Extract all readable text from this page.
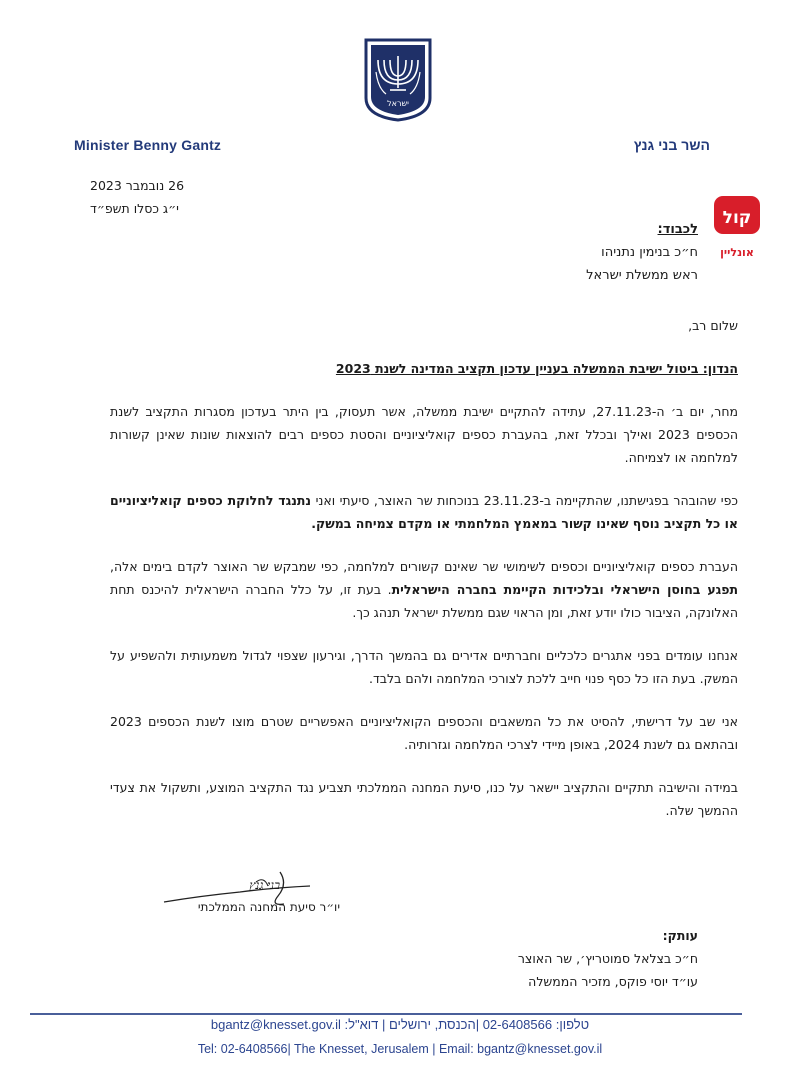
ישראל
Minister Benny Gantz	השר בני גנץ
26 נובמבר 2023
י״ג כסלו תשפ״ד	קול
אונליין
לכבוד:
ח״כ בנימין נתניהו
ראש ממשלת ישראל

שלום רב,

הנדון: ביטול ישיבת הממשלה בעניין עדכון תקציב המדינה לשנת 2023

מחר, יום ב׳ ה-27.11.23, עתידה להתקיים ישיבת ממשלה, אשר תעסוק, בין היתר בעדכון מסגרות התקציב לשנת הכספים 2023 ואילך ובכלל זאת, בהעברת כספים קואליציוניים והסטת כספים רבים להוצאות שונות שאינן קשורות למלחמה או לצמיחה.

כפי שהובהר בפגישתנו, שהתקיימה ב-23.11.23 בנוכחות שר האוצר, סיעתי ואני נתנגד לחלוקת כספים קואליציוניים או כל תקציב נוסף שאינו קשור במאמץ המלחמתי או מקדם צמיחה במשק.

העברת כספים קואליציוניים וכספים לשימושי שר שאינם קשורים למלחמה, כפי שמבקש שר האוצר לקדם בימים אלה, תפגע בחוסן הישראלי ובלכידות הקיימת בחברה הישראלית. בעת זו, על כלל החברה הישראלית להיכנס תחת האלונקה, הציבור כולו יודע זאת, ומן הראוי שגם ממשלת ישראל תנהג כך.

אנחנו עומדים בפני אתגרים כלכליים וחברתיים אדירים גם בהמשך הדרך, וגירעון שצפוי לגדול משמעותית ולהשפיע על המשק. בעת הזו כל כסף פנוי חייב ללכת לצורכי המלחמה ולהם בלבד.

אני שב על דרישתי, להסיט את כל המשאבים והכספים הקואליציוניים האפשריים שטרם מוצו לשנת הכספים 2023 ובהתאם גם לשנת 2024, באופן מיידי לצרכי המלחמה וגזרותיה.

במידה והישיבה תתקיים והתקציב יישאר על כנו, סיעת המחנה הממלכתי תצביע נגד התקציב המוצע, ותשקול את צעדי ההמשך שלה.

בני גנץ
יו״ר סיעת המחנה הממלכתי
עותק:
ח״כ בצלאל סמוטריץ׳, שר האוצר
עו״ד יוסי פוקס, מזכיר הממשלה
טלפון: 02-6408566 |הכנסת, ירושלים | דוא"ל: bgantz@knesset.gov.il
Tel: 02-6408566| The Knesset, Jerusalem | Email: bgantz@knesset.gov.il
